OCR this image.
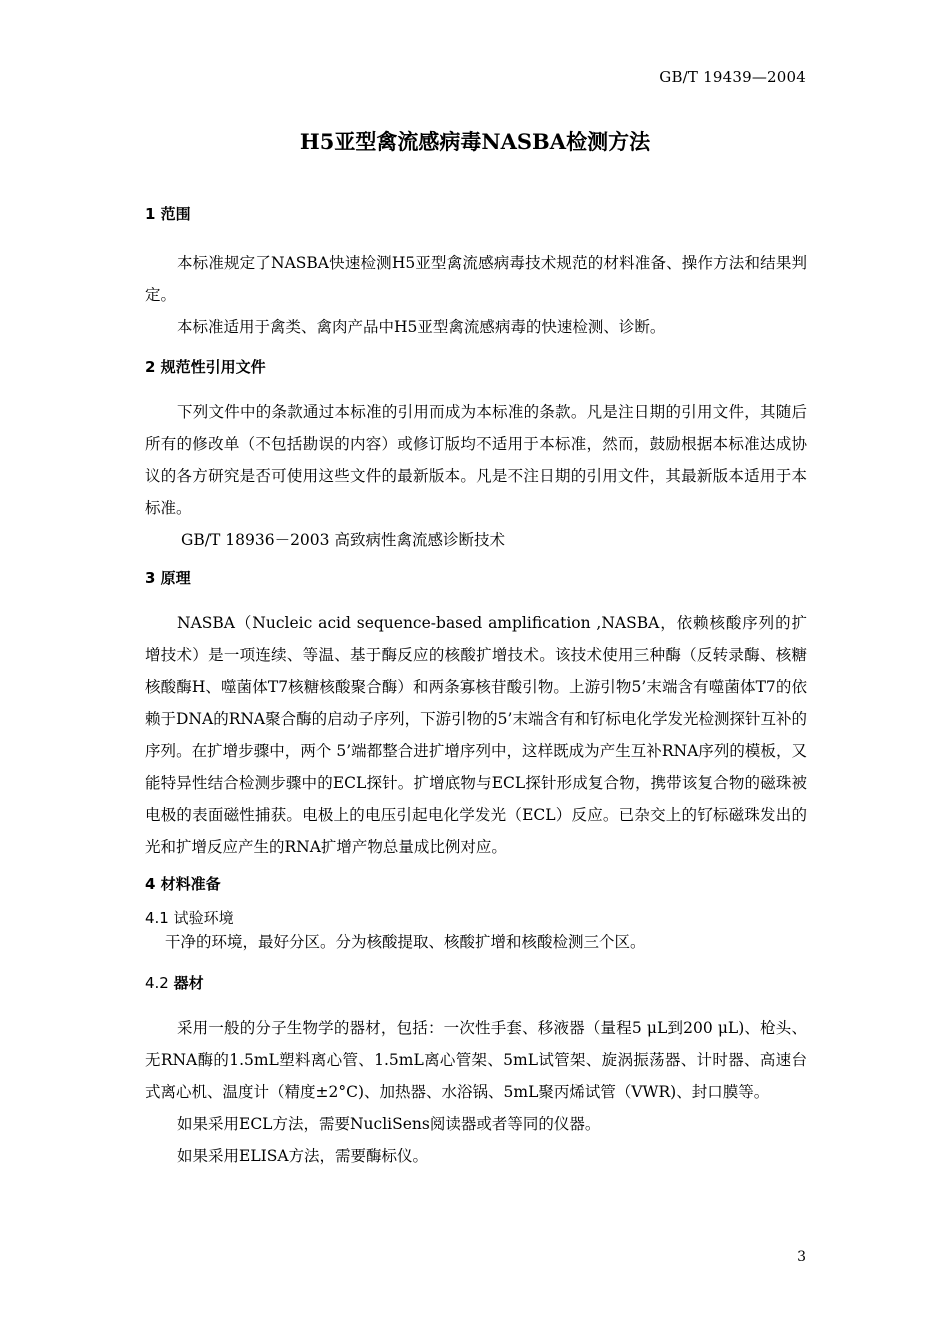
GB/T 19439—2004
H5亚型禽流感病毒NASBA检测方法
1 范围

本标准规定了NASBA快速检测H5亚型禽流感病毒技术规范的材料准备、操作方法和结果判定。

本标准适用于禽类、禽肉产品中H5亚型禽流感病毒的快速检测、诊断。

2 规范性引用文件

下列文件中的条款通过本标准的引用而成为本标准的条款。凡是注日期的引用文件，其随后所有的修改单（不包括勘误的内容）或修订版均不适用于本标准，然而，鼓励根据本标准达成协议的各方研究是否可使用这些文件的最新版本。凡是不注日期的引用文件，其最新版本适用于本标准。

GB/T 18936－2003 高致病性禽流感诊断技术

3 原理

NASBA（Nucleic acid sequence-based amplification ,NASBA，依赖核酸序列的扩增技术）是一项连续、等温、基于酶反应的核酸扩增技术。该技术使用三种酶（反转录酶、核糖核酸酶H、噬菌体T7核糖核酸聚合酶）和两条寡核苷酸引物。上游引物5’末端含有噬菌体T7的依赖于DNA的RNA聚合酶的启动子序列，下游引物的5’末端含有和钌标电化学发光检测探针互补的序列。在扩增步骤中，两个 5’端都整合进扩增序列中，这样既成为产生互补RNA序列的模板，又能特异性结合检测步骤中的ECL探针。扩增底物与ECL探针形成复合物，携带该复合物的磁珠被电极的表面磁性捕获。电极上的电压引起电化学发光（ECL）反应。已杂交上的钌标磁珠发出的光和扩增反应产生的RNA扩增产物总量成比例对应。

4 材料准备
4.1 试验环境

干净的环境，最好分区。分为核酸提取、核酸扩增和核酸检测三个区。

4.2 器材

采用一般的分子生物学的器材，包括：一次性手套、移液器（量程5 μL到200 μL)、枪头、无RNA酶的1.5mL塑料离心管、1.5mL离心管架、5mL试管架、旋涡振荡器、计时器、高速台式离心机、温度计（精度±2°C)、加热器、水浴锅、5mL聚丙烯试管（VWR)、封口膜等。

如果采用ECL方法，需要NucliSens阅读器或者等同的仪器。

如果采用ELISA方法，需要酶标仪。

3
